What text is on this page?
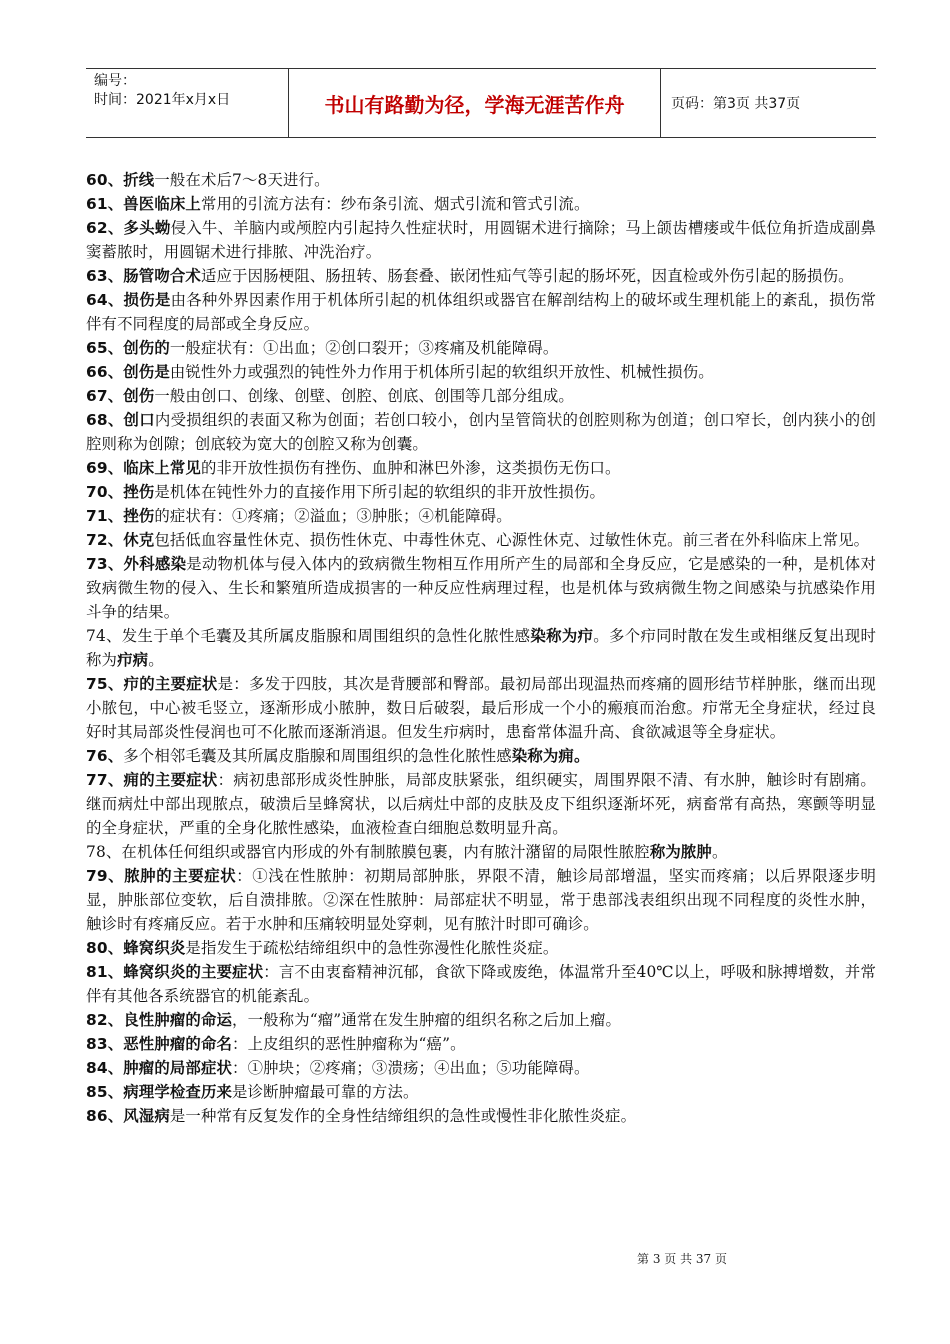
编号：
时间：2021年x月x日	书山有路勤为径，学海无涯苦作舟	页码：第3页 共37页

60、折线一般在术后7～8天进行。

61、兽医临床上常用的引流方法有：纱布条引流、烟式引流和管式引流。

62、多头蚴侵入牛、羊脑内或颅腔内引起持久性症状时，用圆锯术进行摘除；马上颌齿槽瘘或牛低位角折造成副鼻窦蓄脓时，用圆锯术进行排脓、冲洗治疗。

63、肠管吻合术适应于因肠梗阻、肠扭转、肠套叠、嵌闭性疝气等引起的肠坏死，因直检或外伤引起的肠损伤。

64、损伤是由各种外界因素作用于机体所引起的机体组织或器官在解剖结构上的破坏或生理机能上的紊乱，损伤常伴有不同程度的局部或全身反应。

65、创伤的一般症状有：①出血；②创口裂开；③疼痛及机能障碍。

66、创伤是由锐性外力或强烈的钝性外力作用于机体所引起的软组织开放性、机械性损伤。

67、创伤一般由创口、创缘、创壁、创腔、创底、创围等几部分组成。

68、创口内受损组织的表面又称为创面；若创口较小，创内呈管筒状的创腔则称为创道；创口窄长，创内狭小的创腔则称为创隙；创底较为宽大的创腔又称为创囊。

69、临床上常见的非开放性损伤有挫伤、血肿和淋巴外渗，这类损伤无伤口。

70、挫伤是机体在钝性外力的直接作用下所引起的软组织的非开放性损伤。

71、挫伤的症状有：①疼痛；②溢血；③肿胀；④机能障碍。

72、休克包括低血容量性休克、损伤性休克、中毒性休克、心源性休克、过敏性休克。前三者在外科临床上常见。

73、外科感染是动物机体与侵入体内的致病微生物相互作用所产生的局部和全身反应，它是感染的一种，是机体对致病微生物的侵入、生长和繁殖所造成损害的一种反应性病理过程，也是机体与致病微生物之间感染与抗感染作用斗争的结果。

74、发生于单个毛囊及其所属皮脂腺和周围组织的急性化脓性感染称为疖。多个疖同时散在发生或相继反复出现时称为疖病。

75、疖的主要症状是：多发于四肢，其次是背腰部和臀部。最初局部出现温热而疼痛的圆形结节样肿胀，继而出现小脓包，中心被毛竖立，逐渐形成小脓肿，数日后破裂，最后形成一个小的瘢痕而治愈。疖常无全身症状，经过良好时其局部炎性侵润也可不化脓而逐渐消退。但发生疖病时，患畜常体温升高、食欲减退等全身症状。

76、多个相邻毛囊及其所属皮脂腺和周围组织的急性化脓性感染称为痈。

77、痈的主要症状：病初患部形成炎性肿胀，局部皮肤紧张，组织硬实，周围界限不清、有水肿，触诊时有剧痛。继而病灶中部出现脓点，破溃后呈蜂窝状，以后病灶中部的皮肤及皮下组织逐渐坏死，病畜常有高热，寒颤等明显的全身症状，严重的全身化脓性感染，血液检查白细胞总数明显升高。

78、在机体任何组织或器官内形成的外有制脓膜包裹，内有脓汁潴留的局限性脓腔称为脓肿。

79、脓肿的主要症状：①浅在性脓肿：初期局部肿胀，界限不清，触诊局部增温，坚实而疼痛；以后界限逐步明显，肿胀部位变软，后自溃排脓。②深在性脓肿：局部症状不明显，常于患部浅表组织出现不同程度的炎性水肿，触诊时有疼痛反应。若于水肿和压痛较明显处穿刺，见有脓汁时即可确诊。

80、蜂窝织炎是指发生于疏松结缔组织中的急性弥漫性化脓性炎症。

81、蜂窝织炎的主要症状：言不由衷畜精神沉郁，食欲下降或废绝，体温常升至40℃以上，呼吸和脉搏增数，并常伴有其他各系统器官的机能紊乱。

82、良性肿瘤的命运，一般称为“瘤”通常在发生肿瘤的组织名称之后加上瘤。

83、恶性肿瘤的命名：上皮组织的恶性肿瘤称为“癌”。

84、肿瘤的局部症状：①肿块；②疼痛；③溃疡；④出血；⑤功能障碍。

85、病理学检查历来是诊断肿瘤最可靠的方法。

86、风湿病是一种常有反复发作的全身性结缔组织的急性或慢性非化脓性炎症。

第 3 页 共 37 页
